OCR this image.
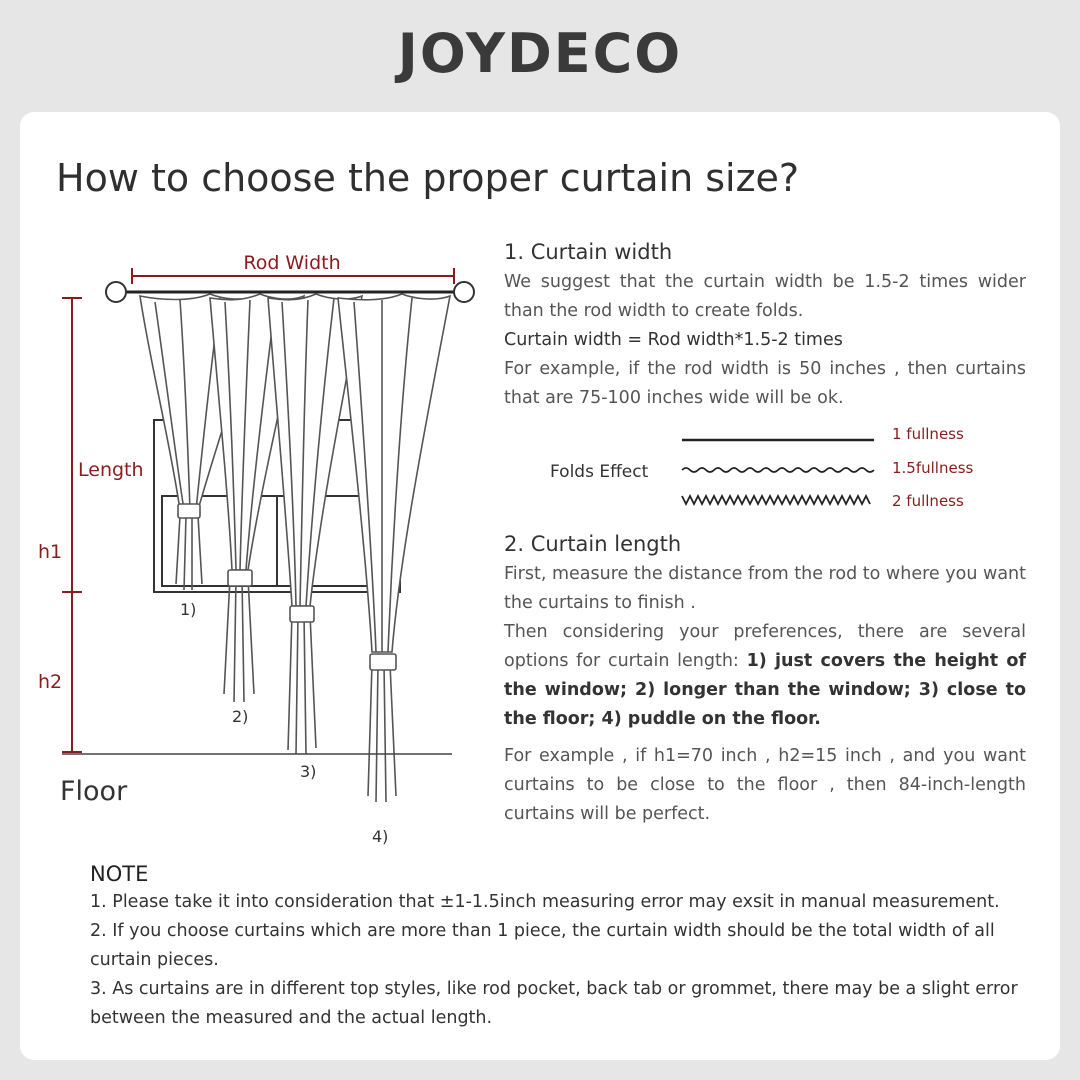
JOYDECO
How to choose the proper curtain size?
Rod Width
Length
h1
h2
Floor
1)
2)
3)
4)
1. Curtain width
We suggest that the curtain width be 1.5-2 times wider than the rod width to create folds.
Curtain width = Rod width*1.5-2 times
For example, if the rod width is 50 inches , then curtains that are 75-100 inches wide will be ok.
Folds Effect
1 fullness
1.5fullness
2 fullness
2. Curtain length
First, measure the distance from the rod to where you want the curtains to finish .
Then considering your preferences, there are several options for curtain length: 1) just covers the height of the window; 2) longer than the window; 3) close to the floor; 4) puddle on the floor.
For example , if h1=70 inch , h2=15 inch , and you want curtains to be close to the floor , then 84-inch-length curtains will be perfect.
NOTE
1. Please take it into consideration that ±1-1.5inch measuring error may exsit in manual measurement.
2. If you choose curtains which are more than 1 piece, the curtain width should be the total width of all curtain pieces.
3. As curtains are in different top styles, like rod pocket, back tab or grommet, there may be a slight error between the measured and the actual length.
